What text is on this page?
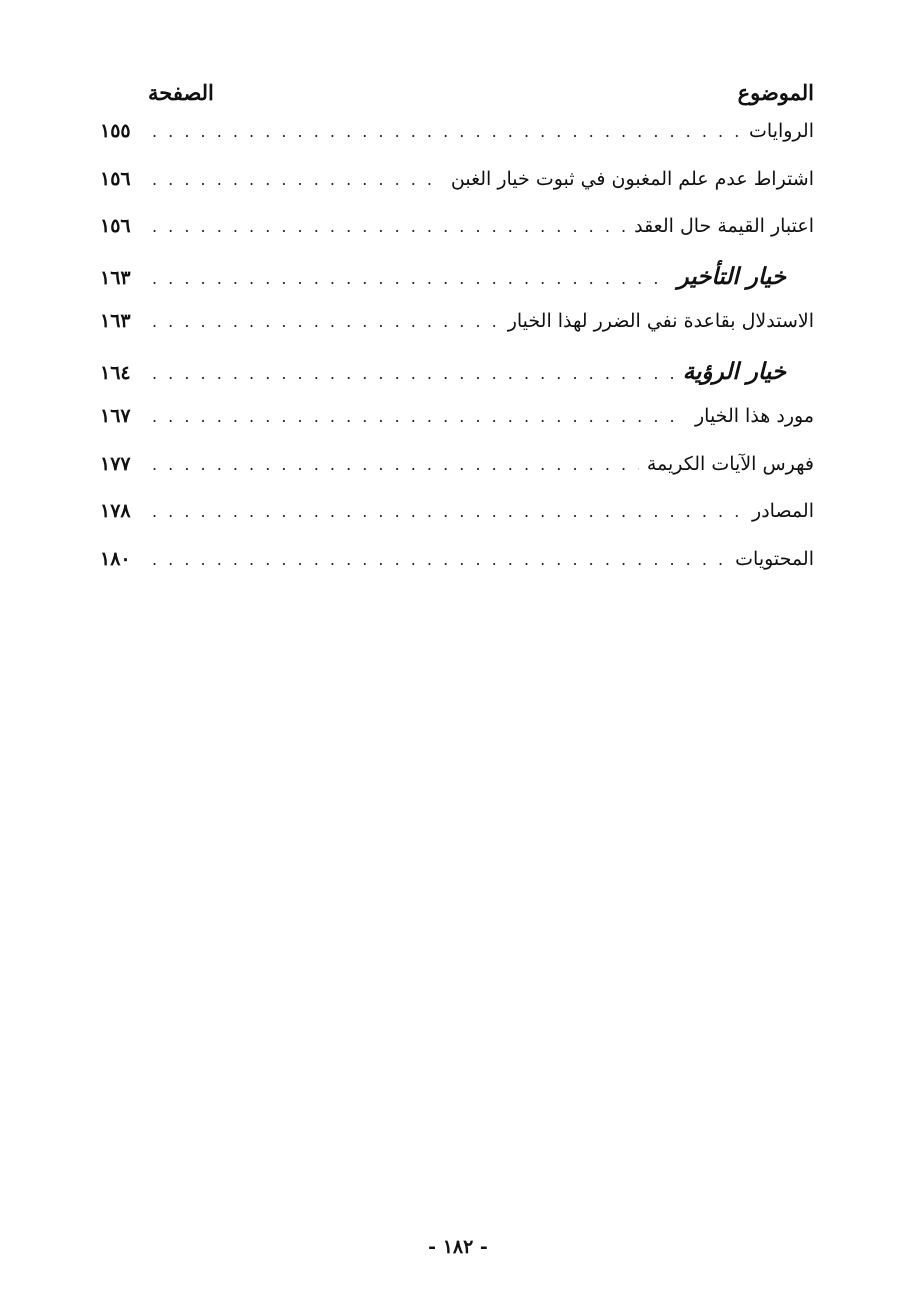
الموضوع
الصفحة
الروايات
. . .
١٥٥
اشتراط عدم علم المغبون في ثبوت خيار الغبن
. . .
١٥٦
اعتبار القيمة حال العقد
. . .
١٥٦
خيار التأخير
. . .
١٦٣
الاستدلال بقاعدة نفي الضرر لهذا الخيار
. . .
١٦٣
خيار الرؤية
. . .
١٦٤
مورد هذا الخيار
. . .
١٦٧
فهرس الآيات الكريمة
. . .
١٧٧
المصادر
. . .
١٧٨
المحتويات
. . .
١٨٠
- ١٨٢ -
